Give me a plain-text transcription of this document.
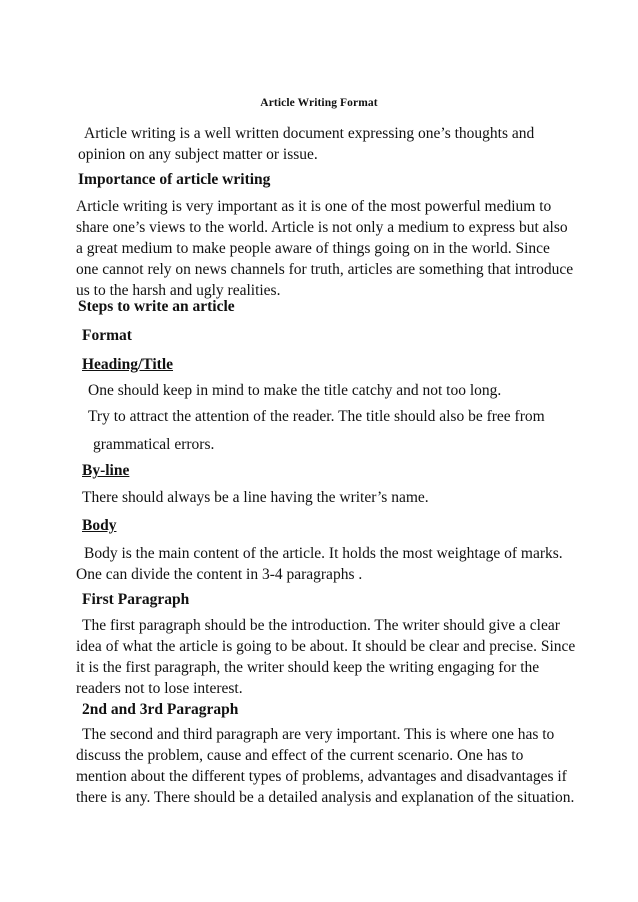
Article Writing Format

Article writing is a well written document expressing one’s thoughts and opinion on any subject matter or issue.

Importance of article writing

Article writing is very important as it is one of the most powerful medium to share one’s views to the world. Article is not only a medium to express but also a great medium to make people aware of things going on in the world. Since one cannot rely on news channels for truth, articles are something that introduce us to the harsh and ugly realities.

Steps to write an article

Format

Heading/Title

One should keep in mind to make the title catchy and not too long.

Try to attract the attention of the reader. The title should also be free from

grammatical errors.

By-line

There should always be a line having the writer’s name.

Body

Body is the main content of the article. It holds the most weightage of marks. One can divide the content in 3-4 paragraphs .

First Paragraph

The first paragraph should be the introduction. The writer should give a clear idea of what the article is going to be about. It should be clear and precise. Since it is the first paragraph, the writer should keep the writing engaging for the readers not to lose interest.

2nd and 3rd Paragraph

The second and third paragraph are very important. This is where one has to discuss the problem, cause and effect of the current scenario. One has to mention about the different types of problems, advantages and disadvantages if there is any. There should be a detailed analysis and explanation of the situation.
